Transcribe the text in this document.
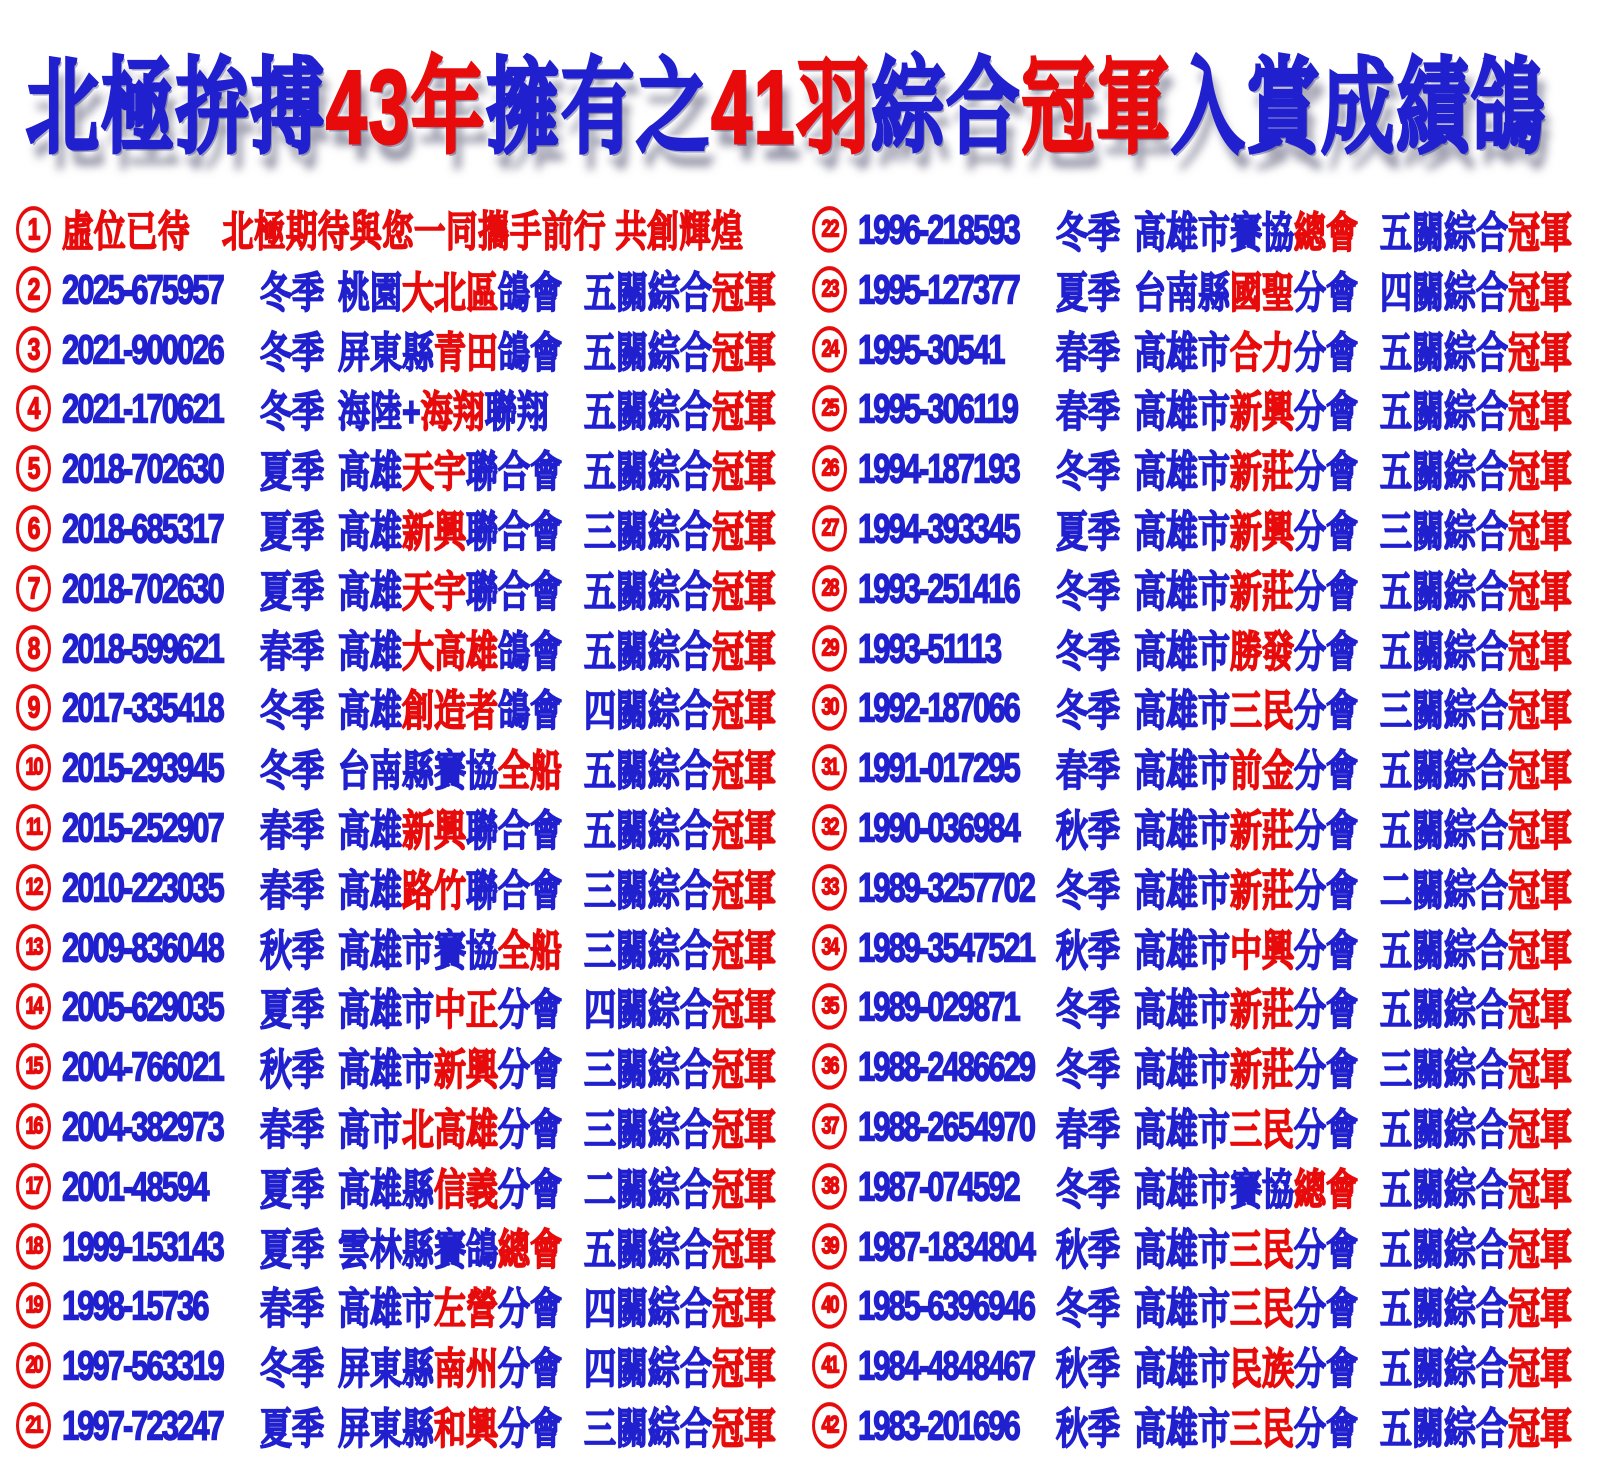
北極拚搏43年擁有之41羽綜合冠軍入賞成績鴿
1 虛位已待　北極期待與您一同攜手前行 共創輝煌
2 2025-675957	冬季 桃園 大北區 鴿會 五關綜合 冠軍
3 2021-900026	冬季 屏東縣 青田 鴿會 五關綜合 冠軍
4 2021-170621	冬季 海陸+ 海翔 聯翔 五關綜合 冠軍
5 2018-702630	夏季 高雄 天宇 聯合會 五關綜合 冠軍
6 2018-685317	夏季 高雄 新興 聯合會 三關綜合 冠軍
7 2018-702630	夏季 高雄 天宇 聯合會 五關綜合 冠軍
8 2018-599621	春季 高雄 大高雄 鴿會 五關綜合 冠軍
9 2017-335418	冬季 高雄 創造者 鴿會 四關綜合 冠軍
10 2015-293945	冬季 台南縣賽協 全船 五關綜合 冠軍
11 2015-252907	春季 高雄 新興 聯合會 五關綜合 冠軍
12 2010-223035	春季 高雄 路竹 聯合會 三關綜合 冠軍
13 2009-836048	秋季 高雄市賽協 全船 三關綜合 冠軍
14 2005-629035	夏季 高雄市 中正 分會 四關綜合 冠軍
15 2004-766021	秋季 高雄市 新興 分會 三關綜合 冠軍
16 2004-382973	春季 高市 北高雄 分會 三關綜合 冠軍
17 2001-48594	夏季 高雄縣 信義 分會 二關綜合 冠軍
18 1999-153143	夏季 雲林縣賽鴿 總會 五關綜合 冠軍
19 1998-15736	春季 高雄市 左營 分會 四關綜合 冠軍
20 1997-563319	冬季 屏東縣 南州 分會 四關綜合 冠軍
21 1997-723247	夏季 屏東縣 和興 分會 三關綜合 冠軍
22 1996-218593	冬季 高雄市賽協 總會 五關綜合 冠軍
23 1995-127377	夏季 台南縣 國聖 分會 四關綜合 冠軍
24 1995-30541	春季 高雄市 合力 分會 五關綜合 冠軍
25 1995-306119	春季 高雄市 新興 分會 五關綜合 冠軍
26 1994-187193	冬季 高雄市 新莊 分會 五關綜合 冠軍
27 1994-393345	夏季 高雄市 新興 分會 三關綜合 冠軍
28 1993-251416	冬季 高雄市 新莊 分會 五關綜合 冠軍
29 1993-51113	冬季 高雄市 勝發 分會 五關綜合 冠軍
30 1992-187066	冬季 高雄市 三民 分會 三關綜合 冠軍
31 1991-017295	春季 高雄市 前金 分會 五關綜合 冠軍
32 1990-036984	秋季 高雄市 新莊 分會 五關綜合 冠軍
33 1989-3257702 冬季 高雄市 新莊 分會 二關綜合 冠軍
34 1989-3547521 秋季 高雄市 中興 分會 五關綜合 冠軍
35 1989-029871	冬季 高雄市 新莊 分會 五關綜合 冠軍
36 1988-2486629 冬季 高雄市 新莊 分會 三關綜合 冠軍
37 1988-2654970 春季 高雄市 三民 分會 五關綜合 冠軍
38 1987-074592	冬季 高雄市賽協 總會 五關綜合 冠軍
39 1987-1834804 秋季 高雄市 三民 分會 五關綜合 冠軍
40 1985-6396946 冬季 高雄市 三民 分會 五關綜合 冠軍
41 1984-4848467 秋季 高雄市 民族 分會 五關綜合 冠軍
42 1983-201696	秋季 高雄市 三民 分會 五關綜合 冠軍
